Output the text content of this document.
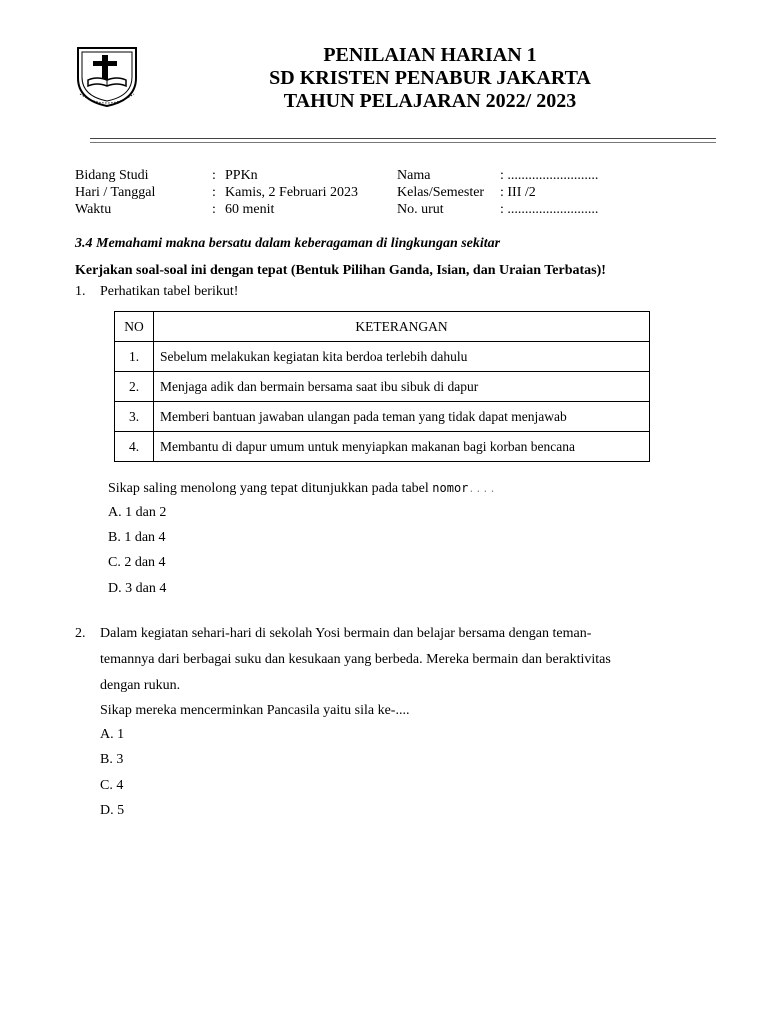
PENILAIAN HARIAN 1
SD KRISTEN PENABUR JAKARTA
TAHUN PELAJARAN 2022/ 2023
Bidang Studi	: PPKn
Hari / Tanggal	: Kamis, 2 Februari 2023
Waktu	: 60 menit
Nama	: ..........................
Kelas/Semester : III /2
No. urut	: ..........................
3.4 Memahami makna bersatu dalam keberagaman di lingkungan sekitar
Kerjakan soal-soal ini dengan tepat (Bentuk Pilihan Ganda, Isian, dan Uraian Terbatas)!
1. Perhatikan tabel berikut!
NO	KETERANGAN
1.	Sebelum melakukan kegiatan kita berdoa terlebih dahulu
2.	Menjaga adik dan bermain bersama saat ibu sibuk di dapur
3.	Memberi bantuan jawaban ulangan pada teman yang tidak dapat menjawab
4.	Membantu di dapur umum untuk menyiapkan makanan bagi korban bencana
Sikap saling menolong yang tepat ditunjukkan pada tabel nomor....
A. 1 dan 2
B. 1 dan 4
C. 2 dan 4
D. 3 dan 4
2. Dalam kegiatan sehari-hari di sekolah Yosi bermain dan belajar bersama dengan teman-
temannya dari berbagai suku dan kesukaan yang berbeda. Mereka bermain dan beraktivitas
dengan rukun.
Sikap mereka mencerminkan Pancasila yaitu sila ke-....
A. 1
B. 3
C. 4
D. 5
